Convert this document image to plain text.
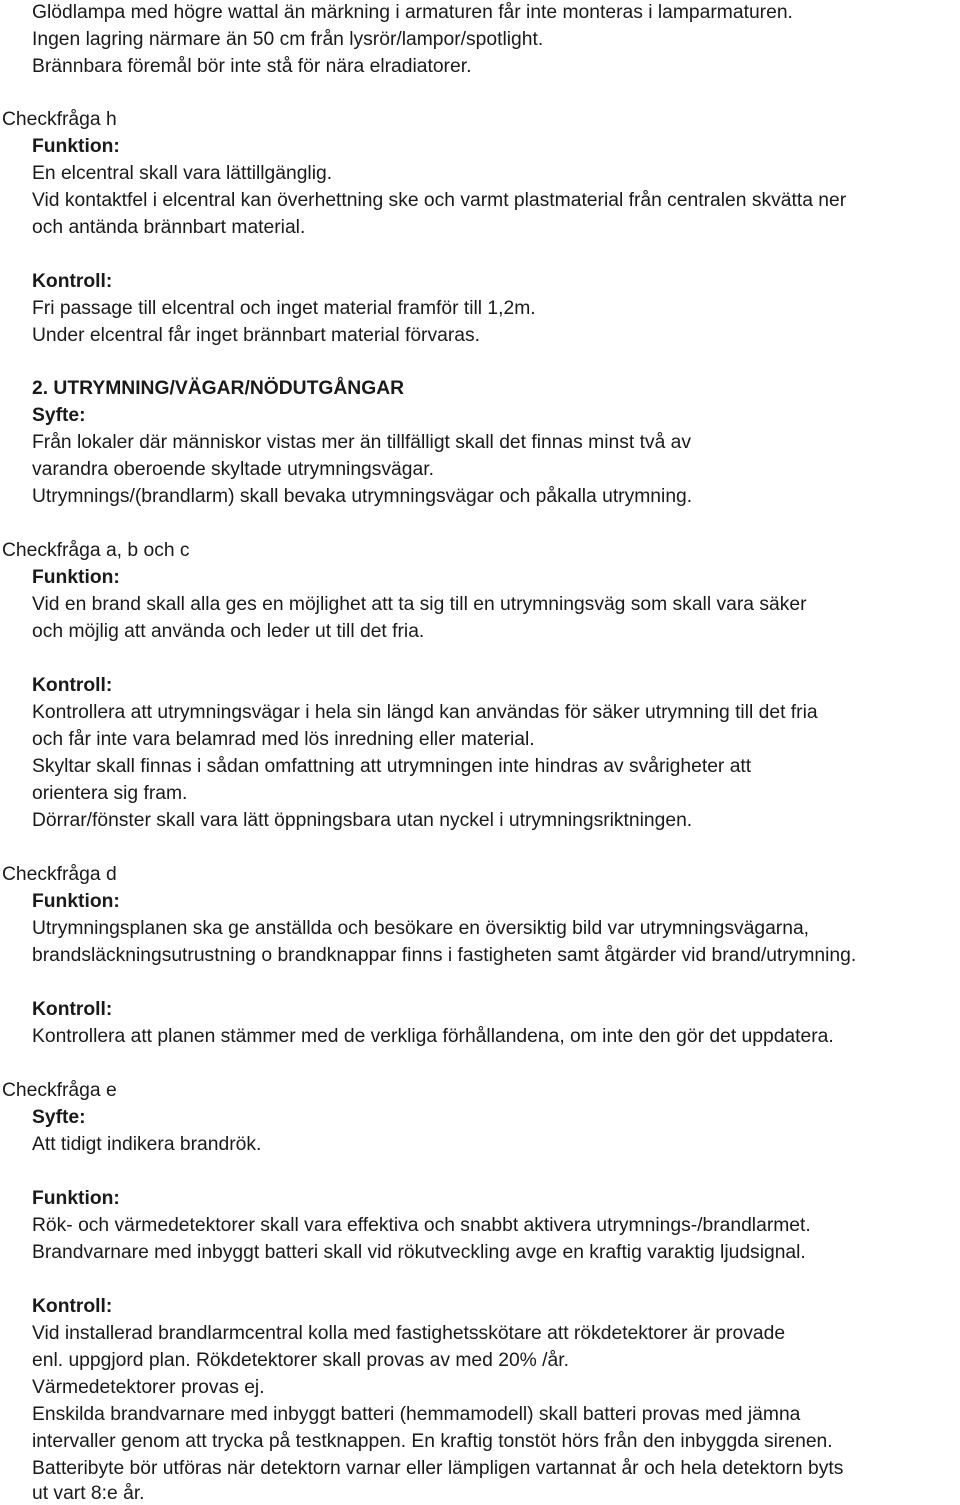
Glödlampa med högre wattal än märkning i armaturen får inte monteras i lamparmaturen.
Ingen lagring närmare än 50 cm från lysrör/lampor/spotlight.
Brännbara föremål bör inte stå för nära elradiatorer.
Checkfråga h
Funktion:
En elcentral skall vara lättillgänglig.
Vid kontaktfel i elcentral kan överhettning ske och varmt plastmaterial från centralen skvätta ner
och antända brännbart material.
Kontroll:
Fri passage till elcentral och inget material framför till 1,2m.
Under elcentral får inget brännbart material förvaras.
2. UTRYMNING/VÄGAR/NÖDUTGÅNGAR
Syfte:
Från lokaler där människor vistas mer än tillfälligt skall det finnas minst två av
varandra oberoende skyltade utrymningsvägar.
Utrymnings/(brandlarm) skall bevaka utrymningsvägar och påkalla utrymning.
Checkfråga a, b och c
Funktion:
Vid en brand skall alla ges en möjlighet att ta sig till en utrymningsväg som skall vara säker
och möjlig att använda och leder ut till det fria.
Kontroll:
Kontrollera att utrymningsvägar i hela sin längd kan användas för säker utrymning till det fria
och får inte vara belamrad med lös inredning eller material.
Skyltar skall finnas i sådan omfattning att utrymningen inte hindras av svårigheter att
orientera sig fram.
Dörrar/fönster skall vara lätt öppningsbara utan nyckel i utrymningsriktningen.
Checkfråga d
Funktion:
Utrymningsplanen ska ge anställda och besökare en översiktig bild var utrymningsvägarna,
brandsläckningsutrustning o brandknappar finns i fastigheten samt åtgärder vid brand/utrymning.
Kontroll:
Kontrollera att planen stämmer med de verkliga förhållandena, om inte den gör det uppdatera.
Checkfråga e
Syfte:
Att tidigt indikera brandrök.
Funktion:
Rök- och värmedetektorer skall vara effektiva och snabbt aktivera utrymnings-/brandlarmet.
Brandvarnare med inbyggt batteri skall vid rökutveckling avge en kraftig varaktig ljudsignal.
Kontroll:
Vid installerad brandlarmcentral kolla med fastighetsskötare att rökdetektorer är provade
enl. uppgjord plan. Rökdetektorer skall provas av med 20% /år.
Värmedetektorer provas ej.
Enskilda brandvarnare med inbyggt batteri (hemmamodell) skall batteri provas med jämna
intervaller genom att trycka på testknappen. En kraftig tonstöt hörs från den inbyggda sirenen.
Batteribyte bör utföras när detektorn varnar eller lämpligen vartannat år och hela detektorn byts
ut vart 8:e år.
